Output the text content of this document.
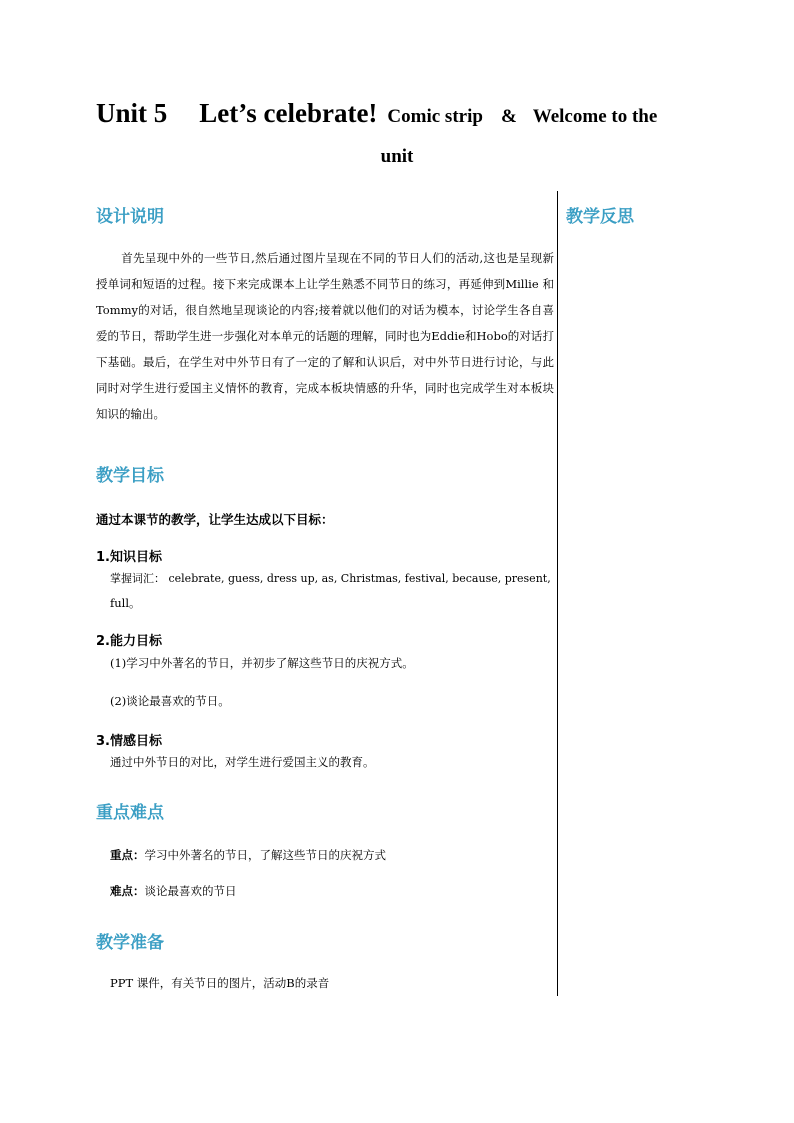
Unit 5 Let’s celebrate! Comic strip & Welcome to the
unit
设计说明	教学反思
首先呈现中外的一些节日,然后通过图片呈现在不同的节日人们的活动,这也是呈现新授单词和短语的过程。接下来完成课本上让学生熟悉不同节日的练习，再延伸到Millie 和 Tommy的对话，很自然地呈现谈论的内容;接着就以他们的对话为模本，讨论学生各自喜爱的节日，帮助学生进一步强化对本单元的话题的理解，同时也为Eddie和Hobo的对话打下基础。最后，在学生对中外节日有了一定的了解和认识后，对中外节日进行讨论，与此同时对学生进行爱国主义情怀的教育，完成本板块情感的升华，同时也完成学生对本板块知识的输出。
教学目标
通过本课节的教学，让学生达成以下目标：
1.知识目标
掌握词汇： celebrate, guess, dress up, as, Christmas, festival, because, present,
full。
2.能力目标
(1)学习中外著名的节日，并初步了解这些节日的庆祝方式。
(2)谈论最喜欢的节日。
3.情感目标
通过中外节日的对比，对学生进行爱国主义的教育。
重点难点
重点：学习中外著名的节日，了解这些节日的庆祝方式
难点：谈论最喜欢的节日
教学准备
PPT 课件，有关节日的图片，活动B的录音
